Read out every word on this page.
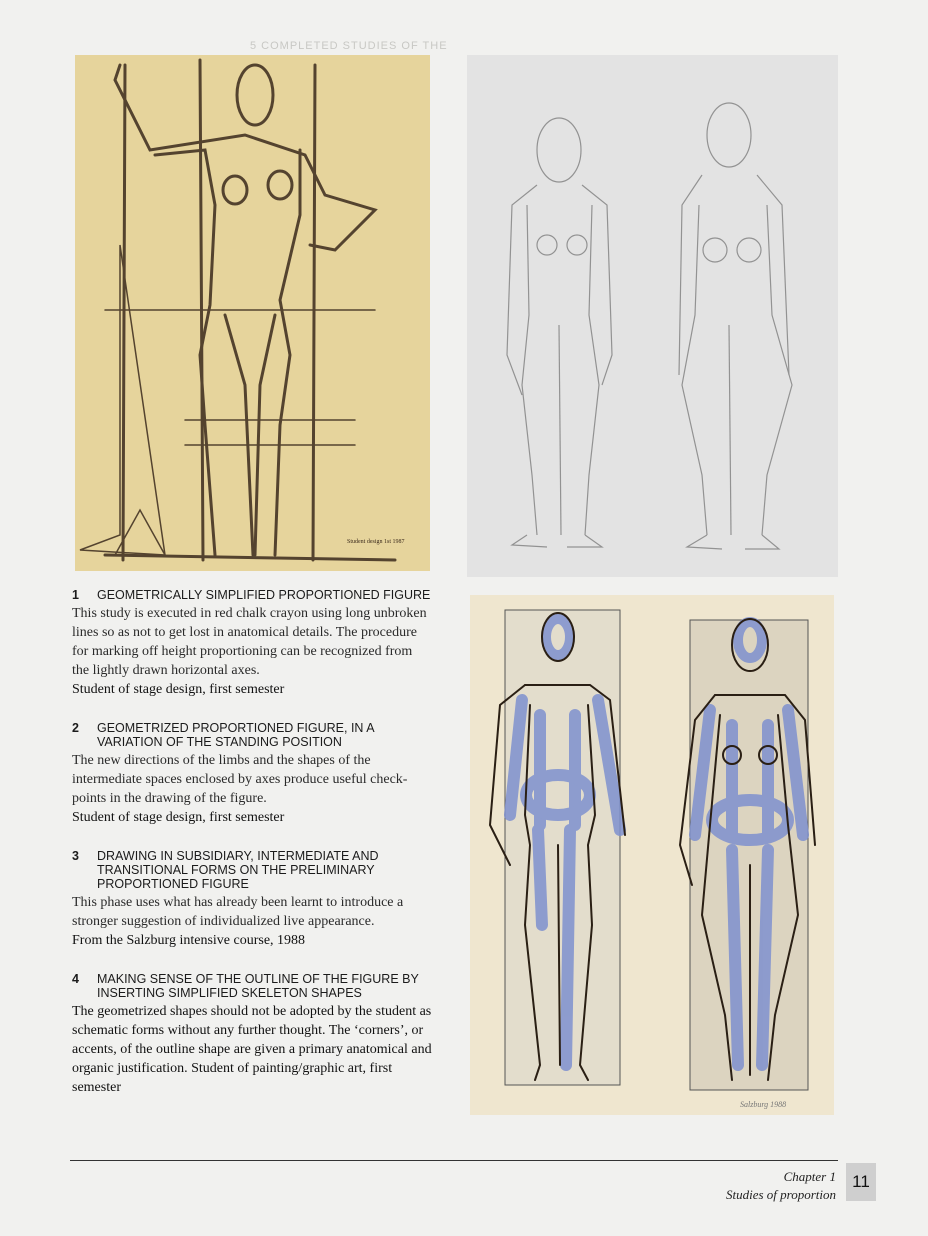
5 COMPLETED STUDIES OF THE
Student design 1st 1987
Salzburg 1988
1	GEOMETRICALLY SIMPLIFIED PROPORTIONED FIGURE
This study is executed in red chalk crayon using long unbroken lines so as not to get lost in anatomical details. The procedure for marking off height proportioning can be recognized from the lightly drawn horizontal axes.
Student of stage design, first semester
2	GEOMETRIZED PROPORTIONED FIGURE, IN A VARIATION OF THE STANDING POSITION
The new directions of the limbs and the shapes of the intermediate spaces enclosed by axes produce useful check-points in the drawing of the figure.
Student of stage design, first semester
3	DRAWING IN SUBSIDIARY, INTERMEDIATE AND TRANSITIONAL FORMS ON THE PRELIMINARY PROPORTIONED FIGURE
This phase uses what has already been learnt to introduce a stronger suggestion of individualized live appearance.
From the Salzburg intensive course, 1988
4	MAKING SENSE OF THE OUTLINE OF THE FIGURE BY INSERTING SIMPLIFIED SKELETON SHAPES
The geometrized shapes should not be adopted by the student as schematic forms without any further thought. The ‘corners’, or accents, of the outline shape are given a primary anatomical and organic justification. Student of painting/graphic art, first semester
Chapter 1
Studies of proportion
11
